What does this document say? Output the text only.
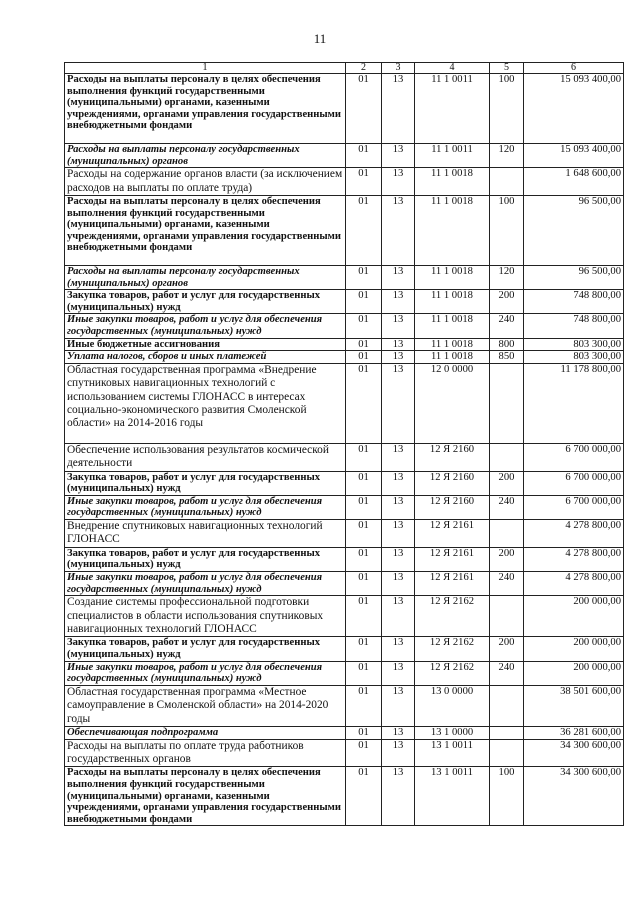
11
1	2	3	4	5	6
Расходы на выплаты персоналу в целях обеспечения выполнения функций государственными (муниципальными) органами, казенными учреждениями, органами управления государственными внебюджетными фондами	01	13	11 1 0011	100	15 093 400,00
Расходы на выплаты персоналу государственных (муниципальных) органов	01	13	11 1 0011	120	15 093 400,00
Расходы на содержание органов власти (за исключением расходов на выплаты по оплате труда)	01	13	11 1 0018		1 648 600,00
Расходы на выплаты персоналу в целях обеспечения выполнения функций государственными (муниципальными) органами, казенными учреждениями, органами управления государственными внебюджетными фондами	01	13	11 1 0018	100	96 500,00
Расходы на выплаты персоналу государственных (муниципальных) органов	01	13	11 1 0018	120	96 500,00
Закупка товаров, работ и услуг для государственных (муниципальных) нужд	01	13	11 1 0018	200	748 800,00
Иные закупки товаров, работ и услуг для обеспечения государственных (муниципальных) нужд	01	13	11 1 0018	240	748 800,00
Иные бюджетные ассигнования	01	13	11 1 0018	800	803 300,00
Уплата налогов, сборов и иных платежей	01	13	11 1 0018	850	803 300,00
Областная государственная программа «Внедрение спутниковых навигационных технологий с использованием системы ГЛОНАСС в интересах социально-экономического развития Смоленской области» на 2014-2016 годы	01	13	12 0 0000		11 178 800,00
Обеспечение использования результатов космической деятельности	01	13	12 Я 2160		6 700 000,00
Закупка товаров, работ и услуг для государственных (муниципальных) нужд	01	13	12 Я 2160	200	6 700 000,00
Иные закупки товаров, работ и услуг для обеспечения государственных (муниципальных) нужд	01	13	12 Я 2160	240	6 700 000,00
Внедрение спутниковых навигационных технологий ГЛОНАСС	01	13	12 Я 2161		4 278 800,00
Закупка товаров, работ и услуг для государственных (муниципальных) нужд	01	13	12 Я 2161	200	4 278 800,00
Иные закупки товаров, работ и услуг для обеспечения государственных (муниципальных) нужд	01	13	12 Я 2161	240	4 278 800,00
Создание системы профессиональной подготовки специалистов в области использования спутниковых навигационных технологий ГЛОНАСС	01	13	12 Я 2162		200 000,00
Закупка товаров, работ и услуг для государственных (муниципальных) нужд	01	13	12 Я 2162	200	200 000,00
Иные закупки товаров, работ и услуг для обеспечения государственных (муниципальных) нужд	01	13	12 Я 2162	240	200 000,00
Областная государственная программа «Местное самоуправление в Смоленской области» на 2014-2020 годы	01	13	13 0 0000		38 501 600,00
Обеспечивающая подпрограмма	01	13	13 1 0000		36 281 600,00
Расходы на выплаты по оплате труда работников государственных органов	01	13	13 1 0011		34 300 600,00
Расходы на выплаты персоналу в целях обеспечения выполнения функций государственными (муниципальными) органами, казенными учреждениями, органами управления государственными внебюджетными фондами	01	13	13 1 0011	100	34 300 600,00
